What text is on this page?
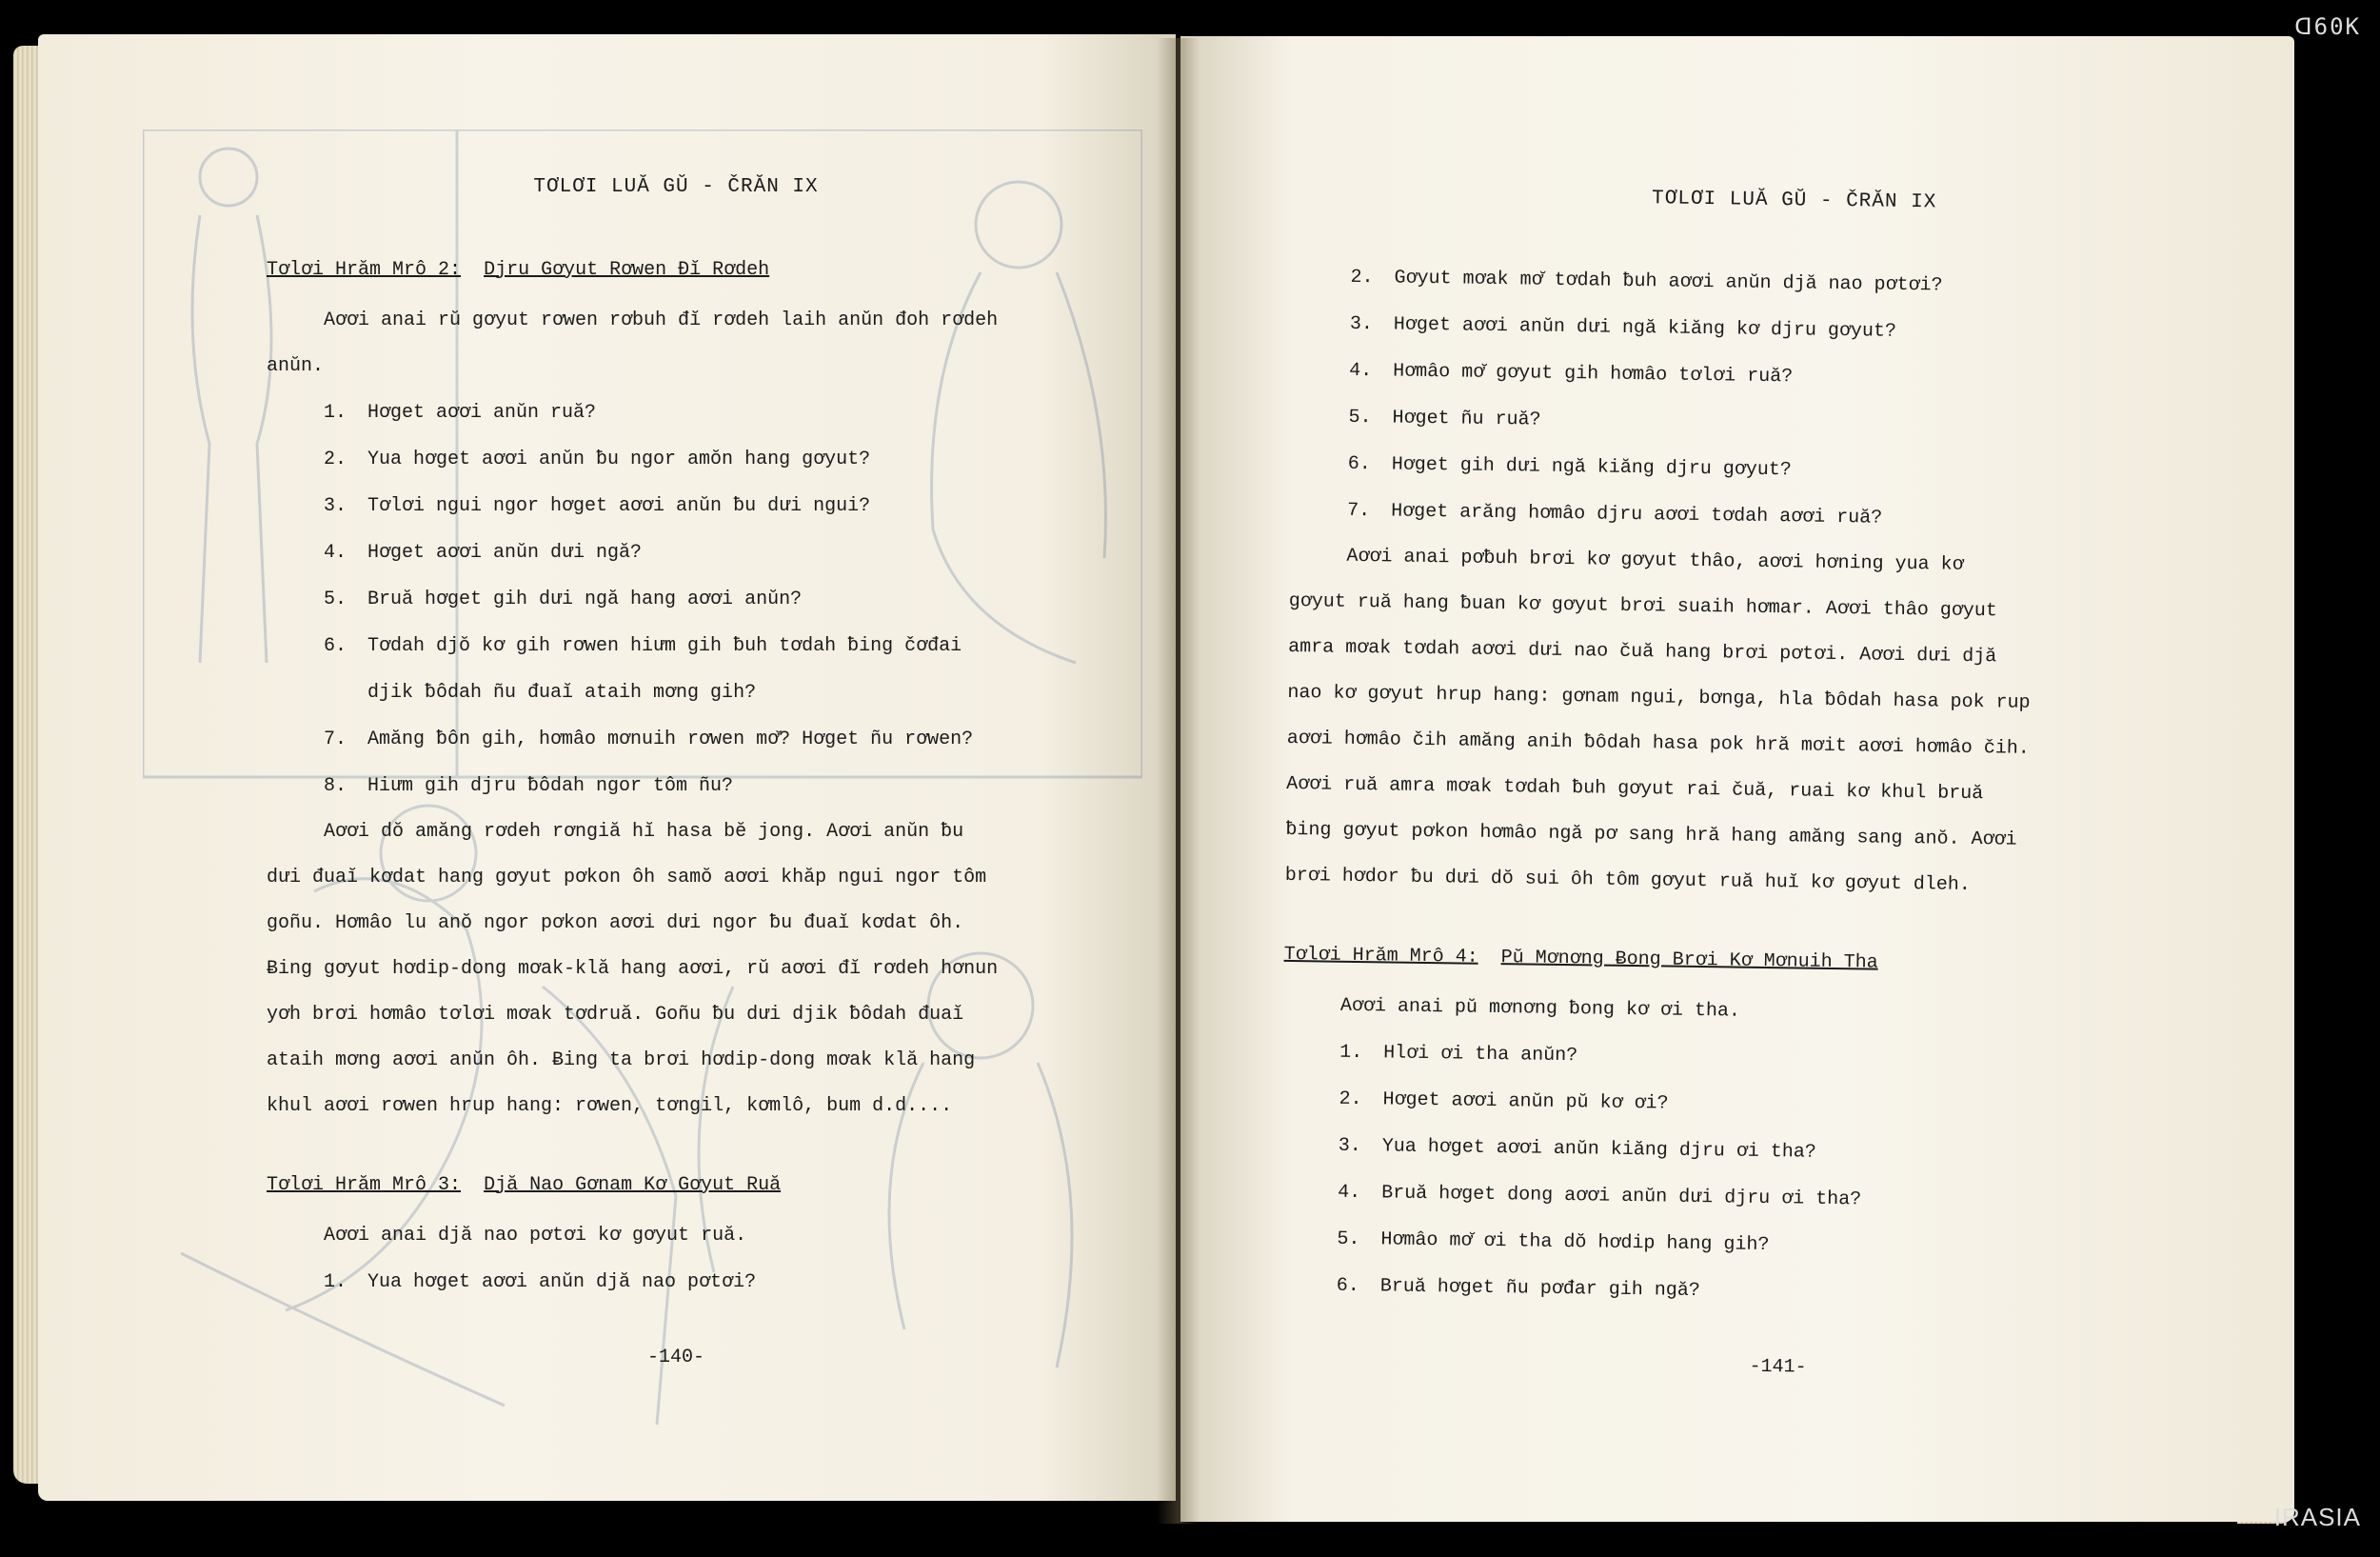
ᗡ60K
TƠLƠI LUĂ GŬ - ČRĂN IX
Tơlơi Hrăm Mrô 2: Djru Gơyut Rơwen Đĭ Rơdeh

Aơơi anai rŭ gơyut rơwen rơbuh đĭ rơdeh laih anŭn đoh rơdeh

anŭn.

1. Hơget aơơi anŭn ruă?
2. Yua hơget aơơi anŭn ƀu ngor amŏn hang gơyut?
3. Tơlơi ngui ngor hơget aơơi anŭn ƀu dưi ngui?
4. Hơget aơơi anŭn dưi ngă?
5. Bruă hơget gih dưi ngă hang aơơi anŭn?
6. Tơdah djŏ kơ gih rơwen hiưm gih ƀuh tơdah ƀing čơđai
djik ƀôdah ñu đuaĭ ataih mơng gih?
7. Amăng ƀôn gih, hơmâo mơnuih rơwen mơ̆? Hơget ñu rơwen?
8. Hiưm gih djru ƀôdah ngor tôm ñu?

Aơơi dŏ amăng rơdeh rơngiă hĭ hasa bĕ jong. Aơơi anŭn ƀu

dưi đuaĭ kơdat hang gơyut pơkon ôh samŏ aơơi khăp ngui ngor tôm

goñu. Hơmâo lu anŏ ngor pơkon aơơi dưi ngor ƀu đuaĭ kơdat ôh.

Ƀing gơyut hơdip-dong mơak-klă hang aơơi, rŭ aơơi đĭ rơdeh hơnun

yơh brơi hơmâo tơlơi mơak tơdruă. Goñu ƀu dưi djik ƀôdah đuaĭ

ataih mơng aơơi anŭn ôh. Ƀing ta brơi hơdip-dong mơak klă hang

khul aơơi rơwen hrup hang: rơwen, tơngil, kơmlô, bum d.d....

Tơlơi Hrăm Mrô 3: Djă Nao Gơnam Kơ Gơyut Ruă

Aơơi anai djă nao pơtơi kơ gơyut ruă.

1. Yua hơget aơơi anŭn djă nao pơtơi?
-140-
TƠLƠI LUĂ GŬ - ČRĂN IX
2. Gơyut mơak mơ̆ tơdah ƀuh aơơi anŭn djă nao pơtơi?
3. Hơget aơơi anŭn dưi ngă kiăng kơ djru gơyut?
4. Hơmâo mơ̆ gơyut gih hơmâo tơlơi ruă?
5. Hơget ñu ruă?
6. Hơget gih dưi ngă kiăng djru gơyut?
7. Hơget arăng hơmâo djru aơơi tơdah aơơi ruă?

Aơơi anai pơƀuh brơi kơ gơyut thâo, aơơi hơning yua kơ

gơyut ruă hang ƀuan kơ gơyut brơi suaih hơmar. Aơơi thâo gơyut

amra mơak tơdah aơơi dưi nao čuă hang brơi pơtơi. Aơơi dưi djă

nao kơ gơyut hrup hang: gơnam ngui, bơnga, hla ƀôdah hasa pok rup

aơơi hơmâo čih amăng anih ƀôdah hasa pok hră mơit aơơi hơmâo čih.

Aơơi ruă amra mơak tơdah ƀuh gơyut rai čuă, ruai kơ khul bruă

ƀing gơyut pơkon hơmâo ngă pơ sang hră hang amăng sang anŏ. Aơơi

brơi hơdor ƀu dưi dŏ sui ôh tôm gơyut ruă huĭ kơ gơyut dleh.

Tơlơi Hrăm Mrô 4: Pŭ Mơnơng Ƀong Brơi Kơ Mơnuih Tha

Aơơi anai pŭ mơnơng ƀong kơ ơi tha.

1. Hlơi ơi tha anŭn?
2. Hơget aơơi anŭn pŭ kơ ơi?
3. Yua hơget aơơi anŭn kiăng djru ơi tha?
4. Bruă hơget dong aơơi anŭn dưi djru ơi tha?
5. Hơmâo mơ̆ ơi tha dŏ hơdip hang gih?
6. Bruă hơget ñu pơđar gih ngă?
-141-
IRASIA
